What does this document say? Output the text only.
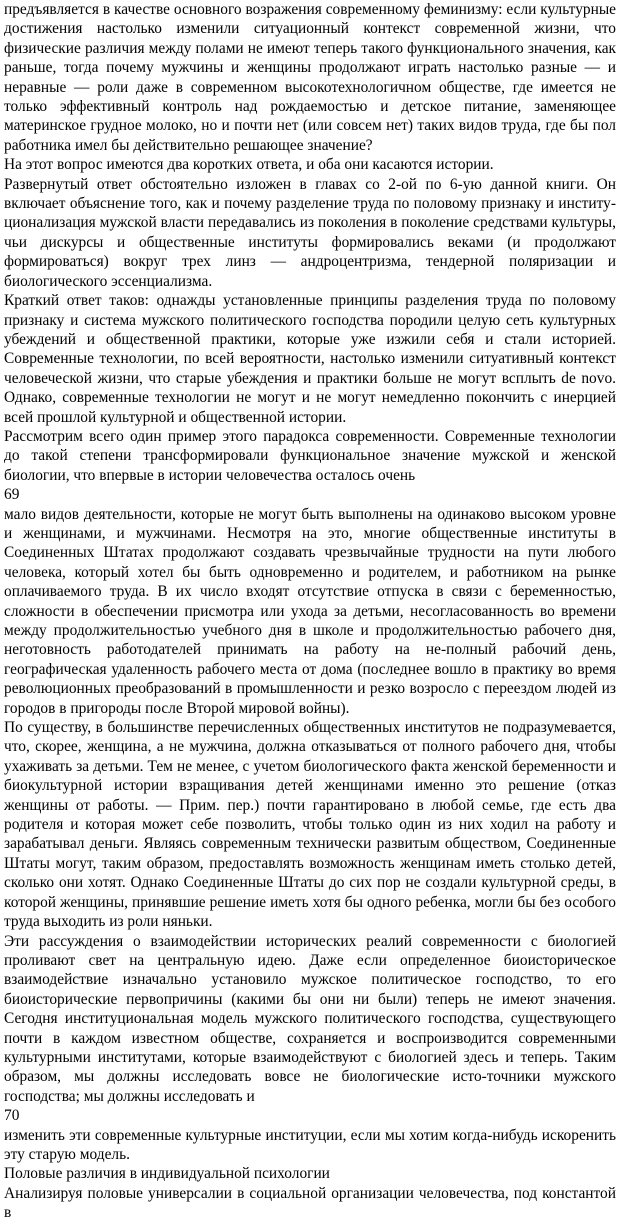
предъявляется в качестве основного возражения современному феминизму: если культурные достижения настолько изменили ситуационный контекст современной жизни, что физические различия между полами не имеют теперь такого функционального значения, как раньше, тогда почему мужчины и женщины продолжают играть настолько разные — и неравные — роли даже в современном высокотехнологичном обществе, где имеется не только эффективный контроль над рождаемостью и детское питание, заменяющее материнское грудное молоко, но и почти нет (или совсем нет) таких видов труда, где бы пол работника имел бы действительно решающее значение?

На этот вопрос имеются два коротких ответа, и оба они касаются истории.

Развернутый ответ обстоятельно изложен в главах со 2-ой по 6-ую данной книги. Он включает объяснение того, как и почему разделение труда по половому признаку и институ-ционализация мужской власти передавались из поколения в поколение средствами культуры, чьи дискурсы и общественные институты формировались веками (и продолжают формироваться) вокруг трех линз — андроцентризма, тендерной поляризации и биологического эссенциализма.

Краткий ответ таков: однажды установленные принципы разделения труда по половому признаку и система мужского политического господства породили целую сеть культурных убеждений и общественной практики, которые уже изжили себя и стали историей. Современные технологии, по всей вероятности, настолько изменили ситуативный контекст человеческой жизни, что старые убеждения и практики больше не могут всплыть de novo. Однако, современные технологии не могут и не могут немедленно покончить с инерцией всей прошлой культурной и общественной истории.

Рассмотрим всего один пример этого парадокса современности. Современные технологии до такой степени трансформировали функциональное значение мужской и женской биологии, что впервые в истории человечества осталось очень

69

мало видов деятельности, которые не могут быть выполнены на одинаково высоком уровне и женщинами, и мужчинами. Несмотря на это, многие общественные институты в Соединенных Штатах продолжают создавать чрезвычайные трудности на пути любого человека, который хотел бы быть одновременно и родителем, и работником на рынке оплачиваемого труда. В их число входят отсутствие отпуска в связи с беременностью, сложности в обеспечении присмотра или ухода за детьми, несогласованность во времени между продолжительностью учебного дня в школе и продолжительностью рабочего дня, неготовность работодателей принимать на работу на не-полный рабочий день, географическая удаленность рабочего места от дома (последнее вошло в практику во время революционных преобразований в промышленности и резко возросло с переездом людей из городов в пригороды после Второй мировой войны).

По существу, в большинстве перечисленных общественных институтов не подразумевается, что, скорее, женщина, а не мужчина, должна отказываться от полного рабочего дня, чтобы ухаживать за детьми. Тем не менее, с учетом биологического факта женской беременности и биокультурной истории взращивания детей женщинами именно это решение (отказ женщины от работы. — Прим. пер.) почти гарантировано в любой семье, где есть два родителя и которая может себе позволить, чтобы только один из них ходил на работу и зарабатывал деньги. Являясь современным технически развитым обществом, Соединенные Штаты могут, таким образом, предоставлять возможность женщинам иметь столько детей, сколько они хотят. Однако Соединенные Штаты до сих пор не создали культурной среды, в которой женщины, принявшие решение иметь хотя бы одного ребенка, могли бы без особого труда выходить из роли няньки.

Эти рассуждения о взаимодействии исторических реалий современности с биологией проливают свет на центральную идею. Даже если определенное биоисторическое взаимодействие изначально установило мужское политическое господство, то его биоисторические первопричины (какими бы они ни были) теперь не имеют значения. Сегодня институциональная модель мужского политического господства, существующего почти в каждом известном обществе, сохраняется и воспроизводится современными культурными институтами, которые взаимодействуют с биологией здесь и теперь. Таким образом, мы должны исследовать вовсе не биологические исто-точники мужского господства; мы должны исследовать и

70

изменить эти современные культурные институции, если мы хотим когда-нибудь искоренить эту старую модель.

Половые различия в индивидуальной психологии

Анализируя половые универсалии в социальной организации человечества, под константой в
